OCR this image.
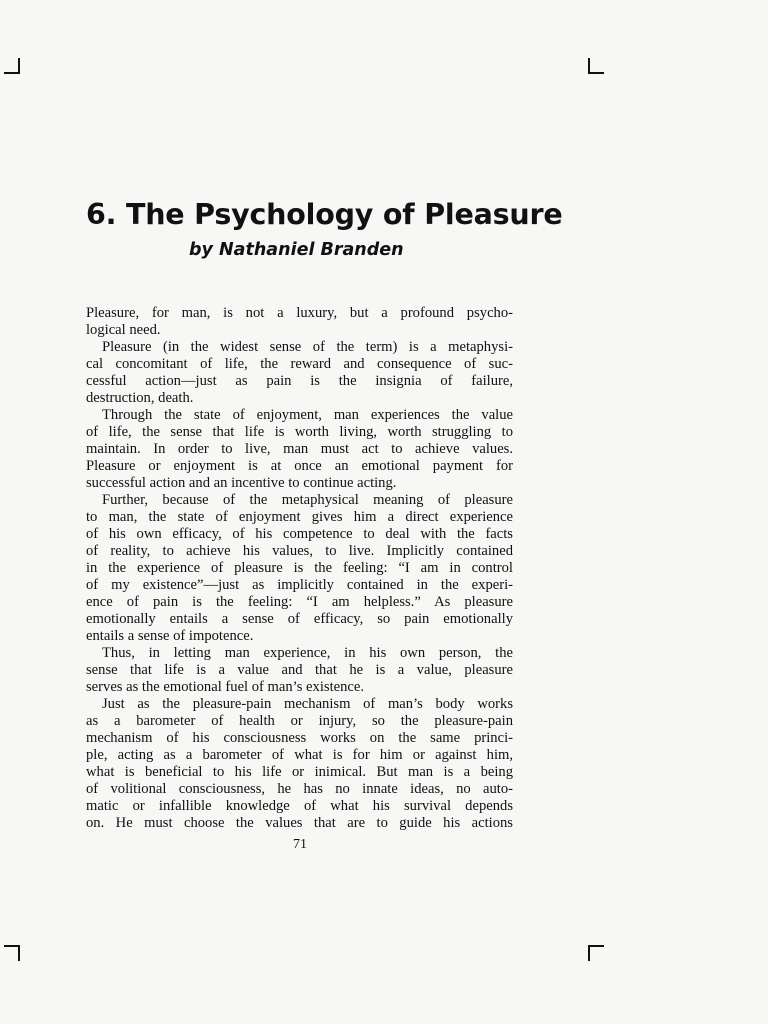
6. The Psychology of Pleasure
by Nathaniel Branden
Pleasure, for man, is not a luxury, but a profound psycho-
logical need.
Pleasure (in the widest sense of the term) is a metaphysi-
cal concomitant of life, the reward and consequence of suc-
cessful action—just as pain is the insignia of failure,
destruction, death.
Through the state of enjoyment, man experiences the value
of life, the sense that life is worth living, worth struggling to
maintain. In order to live, man must act to achieve values.
Pleasure or enjoyment is at once an emotional payment for
successful action and an incentive to continue acting.
Further, because of the metaphysical meaning of pleasure
to man, the state of enjoyment gives him a direct experience
of his own efficacy, of his competence to deal with the facts
of reality, to achieve his values, to live. Implicitly contained
in the experience of pleasure is the feeling: “I am in control
of my existence”—just as implicitly contained in the experi-
ence of pain is the feeling: “I am helpless.” As pleasure
emotionally entails a sense of efficacy, so pain emotionally
entails a sense of impotence.
Thus, in letting man experience, in his own person, the
sense that life is a value and that he is a value, pleasure
serves as the emotional fuel of man’s existence.
Just as the pleasure-pain mechanism of man’s body works
as a barometer of health or injury, so the pleasure-pain
mechanism of his consciousness works on the same princi-
ple, acting as a barometer of what is for him or against him,
what is beneficial to his life or inimical. But man is a being
of volitional consciousness, he has no innate ideas, no auto-
matic or infallible knowledge of what his survival depends
on. He must choose the values that are to guide his actions
71
